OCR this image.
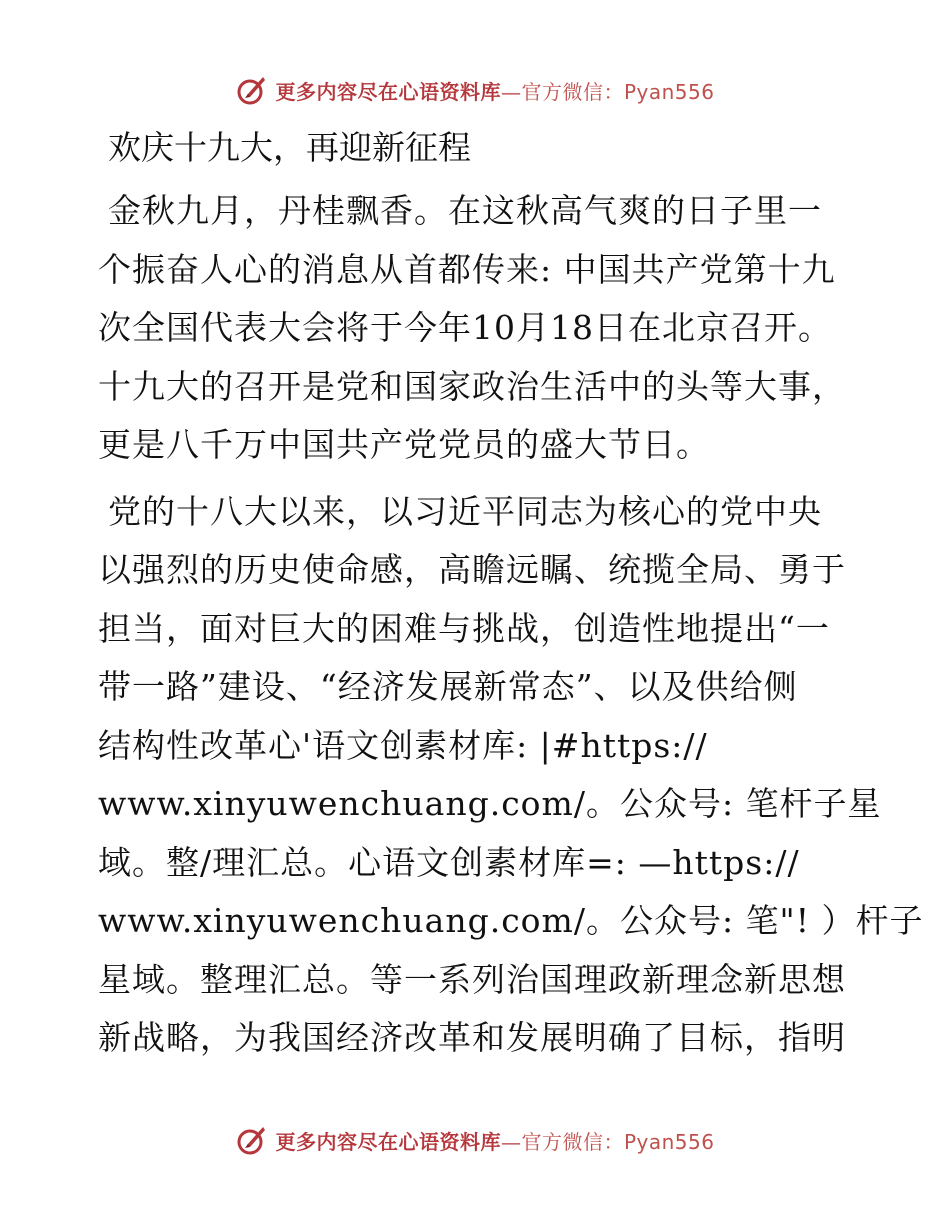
更多内容尽在心语资料库—官方微信：Pyan556
欢庆十九大，再迎新征程
金秋九月，丹桂飘香。在这秋高气爽的日子里一
个振奋人心的消息从首都传来: 中国共产党第十九
次全国代表大会将于今年10月18日在北京召开。
十九大的召开是党和国家政治生活中的头等大事，
更是八千万中国共产党党员的盛大节日。
党的十八大以来，以习近平同志为核心的党中央
以强烈的历史使命感，高瞻远瞩、统揽全局、勇于
担当，面对巨大的困难与挑战，创造性地提出“一
带一路”建设、“经济发展新常态”、以及供给侧
结构性改革心'语文创素材库: |#https://
www.xinyuwenchuang.com/。公众号: 笔杆子星
域。整/理汇总。心语文创素材库=: —https://
www.xinyuwenchuang.com/。公众号: 笔"! ）杆子
星域。整理汇总。等一系列治国理政新理念新思想
新战略，为我国经济改革和发展明确了目标，指明
更多内容尽在心语资料库—官方微信：Pyan556
